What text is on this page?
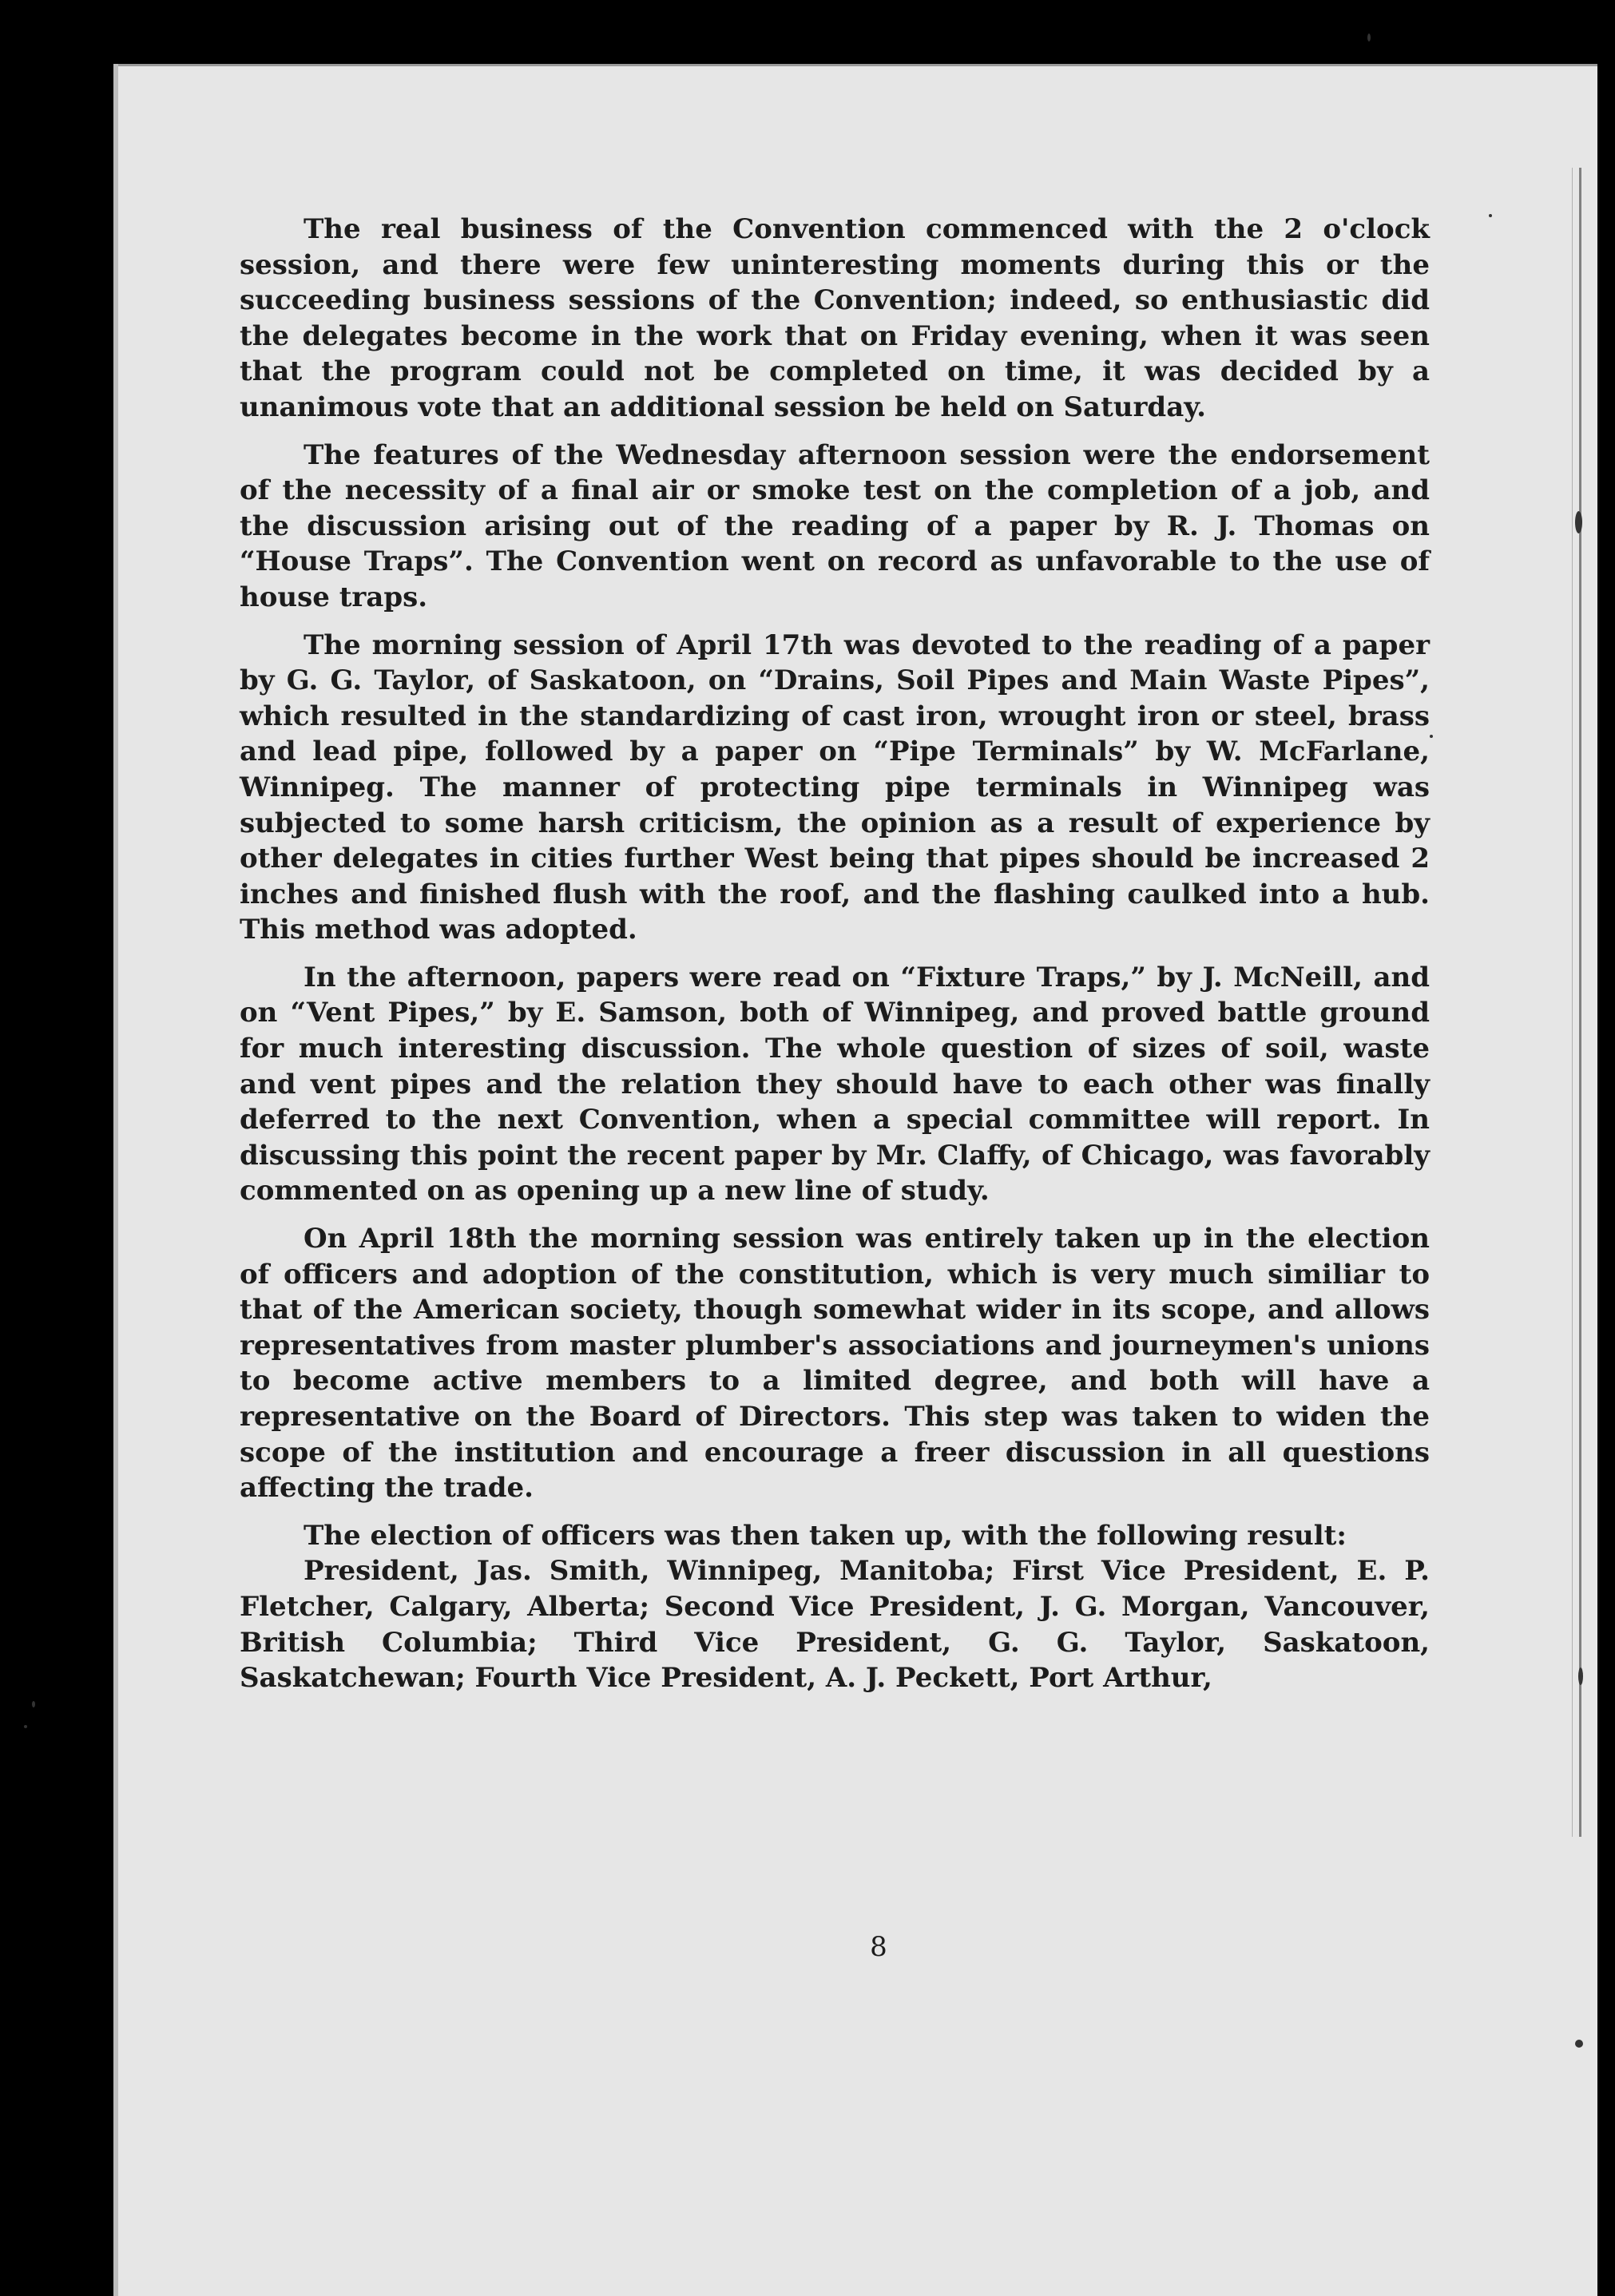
The real business of the Convention commenced with the 2 o'clock session, and there were few uninteresting moments during this or the succeeding business sessions of the Convention; indeed, so enthusiastic did the delegates become in the work that on Friday evening, when it was seen that the program could not be completed on time, it was decided by a unanimous vote that an additional session be held on Saturday.

The features of the Wednesday afternoon session were the endorsement of the necessity of a final air or smoke test on the completion of a job, and the discussion arising out of the reading of a paper by R. J. Thomas on “House Traps”. The Convention went on record as unfavorable to the use of house traps.

The morning session of April 17th was devoted to the reading of a paper by G. G. Taylor, of Saskatoon, on “Drains, Soil Pipes and Main Waste Pipes”, which resulted in the standardizing of cast iron, wrought iron or steel, brass and lead pipe, followed by a paper on “Pipe Terminals” by W. McFarlane, Winnipeg. The manner of protecting pipe terminals in Winnipeg was subjected to some harsh criticism, the opinion as a result of experience by other delegates in cities further West being that pipes should be increased 2 inches and finished flush with the roof, and the flashing caulked into a hub. This method was adopted.

In the afternoon, papers were read on “Fixture Traps,” by J. McNeill, and on “Vent Pipes,” by E. Samson, both of Winnipeg, and proved battle ground for much interesting discussion. The whole question of sizes of soil, waste and vent pipes and the relation they should have to each other was finally deferred to the next Convention, when a special committee will report. In discussing this point the recent paper by Mr. Claffy, of Chicago, was favorably commented on as opening up a new line of study.

On April 18th the morning session was entirely taken up in the election of officers and adoption of the constitution, which is very much similiar to that of the American society, though somewhat wider in its scope, and allows representatives from master plumber's associations and journeymen's unions to become active members to a limited degree, and both will have a representative on the Board of Directors. This step was taken to widen the scope of the institution and encourage a freer discussion in all questions affecting the trade.

The election of officers was then taken up, with the following result:

President, Jas. Smith, Winnipeg, Manitoba; First Vice President, E. P. Fletcher, Calgary, Alberta; Second Vice President, J. G. Morgan, Vancouver, British Columbia; Third Vice President, G. G. Taylor, Saskatoon, Saskatchewan; Fourth Vice President, A. J. Peckett, Port Arthur,

8
